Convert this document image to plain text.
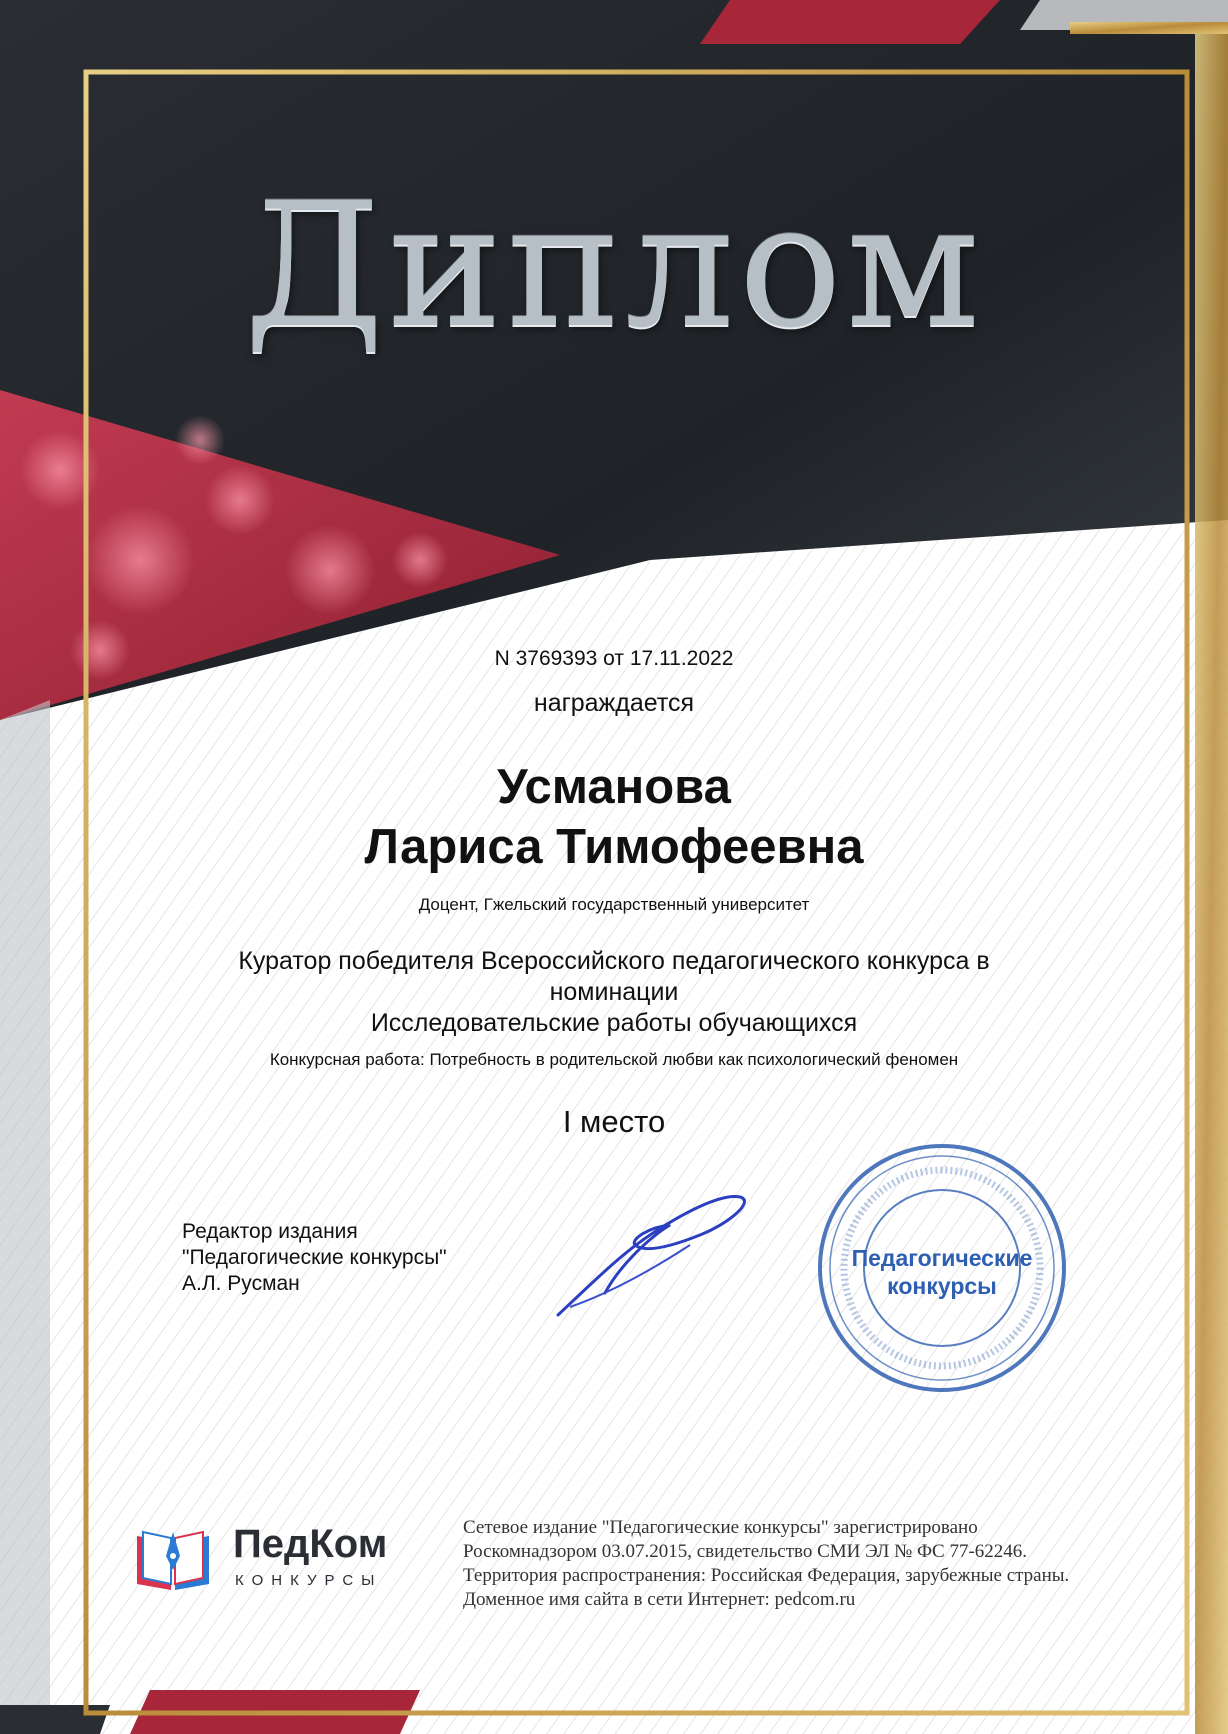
Диплом
N 3769393 от 17.11.2022
награждается
Усманова
Лариса Тимофеевна
Доцент, Гжельский государственный университет
Куратор победителя Всероссийского педагогического конкурса в
номинации
Исследовательские работы обучающихся
Конкурсная работа: Потребность в родительской любви как психологический феномен
I место
Редактор издания
"Педагогические конкурсы"
А.Л. Русман
Педагогические
конкурсы
ПедКом
КОНКУРСЫ
Сетевое издание "Педагогические конкурсы" зарегистрировано
Роскомнадзором 03.07.2015, свидетельство СМИ ЭЛ № ФС 77-62246.
Территория распространения: Российская Федерация, зарубежные страны.
Доменное имя сайта в сети Интернет: pedcom.ru
